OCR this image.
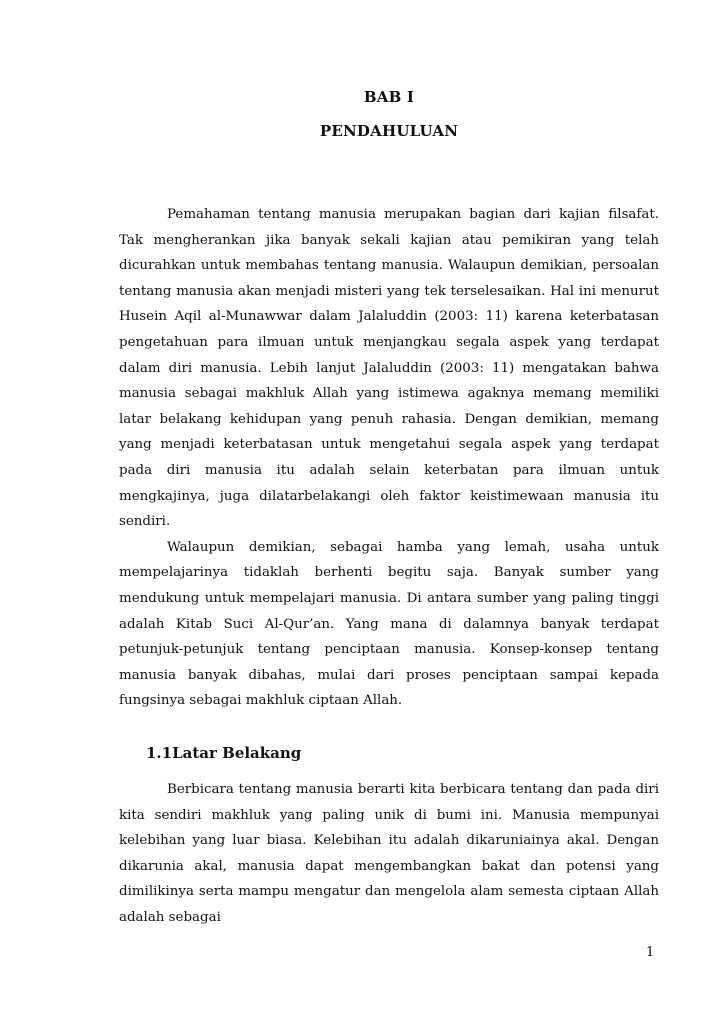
BAB I
PENDAHULUAN

Pemahaman tentang manusia merupakan bagian dari kajian filsafat. Tak mengherankan jika banyak sekali kajian atau pemikiran yang telah dicurahkan untuk membahas tentang manusia. Walaupun demikian, persoalan tentang manusia akan menjadi misteri yang tek terselesaikan. Hal ini menurut Husein Aqil al-Munawwar dalam Jalaluddin (2003: 11) karena keterbatasan pengetahuan para ilmuan untuk menjangkau segala aspek yang terdapat dalam diri manusia. Lebih lanjut Jalaluddin (2003: 11) mengatakan bahwa manusia sebagai makhluk Allah yang istimewa agaknya memang memiliki latar belakang kehidupan yang penuh rahasia. Dengan demikian, memang yang menjadi keterbatasan untuk mengetahui segala aspek yang terdapat pada diri manusia itu adalah selain keterbatan para ilmuan untuk mengkajinya, juga dilatarbelakangi oleh faktor keistimewaan manusia itu sendiri.

Walaupun demikian, sebagai hamba yang lemah, usaha untuk mempelajarinya tidaklah berhenti begitu saja. Banyak sumber yang mendukung untuk mempelajari manusia. Di antara sumber yang paling tinggi adalah Kitab Suci Al-Qur’an. Yang mana di dalamnya banyak terdapat petunjuk-petunjuk tentang penciptaan manusia. Konsep-konsep tentang manusia banyak dibahas, mulai dari proses penciptaan sampai kepada fungsinya sebagai makhluk ciptaan Allah.

1.1Latar Belakang

Berbicara tentang manusia berarti kita berbicara tentang dan pada diri kita sendiri makhluk yang paling unik di bumi ini. Manusia mempunyai kelebihan yang luar biasa. Kelebihan itu adalah dikaruniainya akal. Dengan dikarunia akal, manusia dapat mengembangkan bakat dan potensi yang dimilikinya serta mampu mengatur dan mengelola alam semesta ciptaan Allah adalah sebagai

1
